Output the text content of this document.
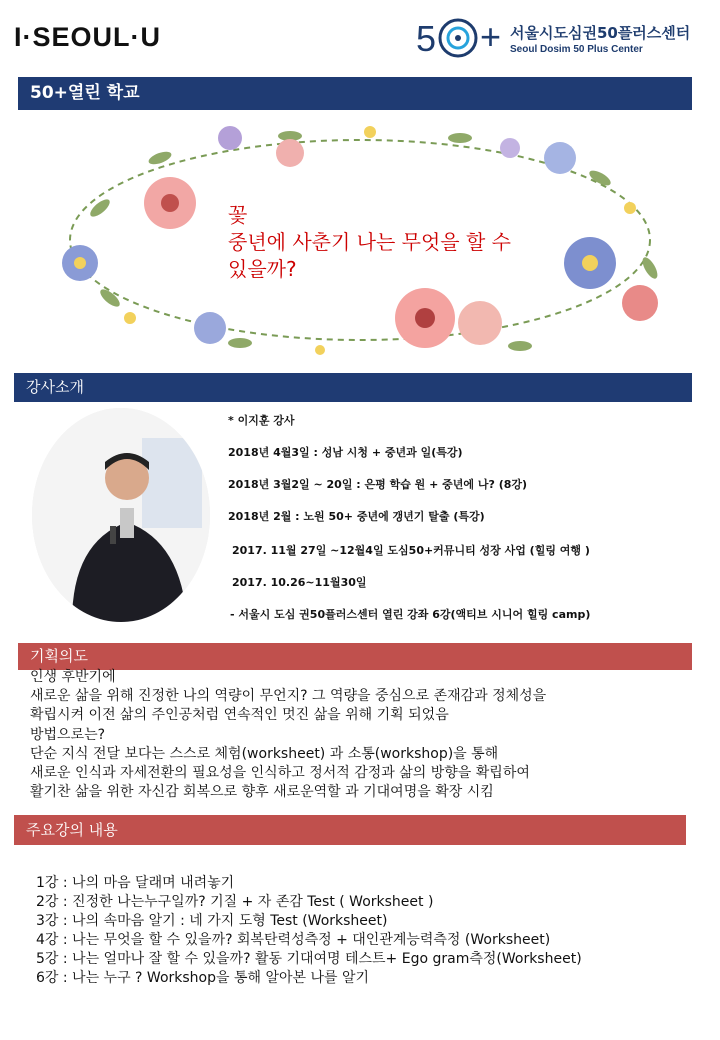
I·SEOUL·U	5 + 서울시도심권50플러스센터
Seoul Dosim 50 Plus Center
50+열린 학교
꽃
중년에 사춘기 나는 무엇을 할 수
있을까?
강사소개
* 이지훈 강사
2018년 4월3일 : 성남 시청 + 중년과 일(특강)
2018년 3월2일 ~ 20일 : 은평 학습 원 + 중년에 나? (8강)
2018년 2월 : 노원 50+ 중년에 갱년기 탈출 (특강)
2017. 11월 27일 ~12월4일 도심50+커뮤니티 성장 사업 (힐링 여행 )
2017. 10.26~11월30일
- 서울시 도심 권50플러스센터 열린 강좌 6강(액티브 시니어 힐링 camp)
기획의도
인생 후반기에
새로운 삶을 위해 진정한 나의 역량이 무언지? 그 역량을 중심으로 존재감과 정체성을
확립시켜 이전 삶의 주인공처럼 연속적인 멋진 삶을 위해 기획 되었음
방법으로는?
단순 지식 전달 보다는 스스로 체험(worksheet) 과 소통(workshop)을 통해
새로운 인식과 자세전환의 필요성을 인식하고 정서적 감정과 삶의 방향을 확립하여
활기찬 삶을 위한 자신감 회복으로 향후 새로운역할 과 기대여명을 확장 시킴
주요강의 내용
1강 : 나의 마음 달래며 내려놓기
2강 : 진정한 나는누구일까? 기질 + 자 존감 Test ( Worksheet )
3강 : 나의 속마음 알기 : 네 가지 도형 Test (Worksheet)
4강 : 나는 무엇을 할 수 있을까? 회복탄력성측정 + 대인관계능력측정 (Worksheet)
5강 : 나는 얼마나 잘 할 수 있을까? 활동 기대여명 테스트+ Ego gram측정(Worksheet)
6강 : 나는 누구 ? Workshop을 통해 알아본 나를 알기
